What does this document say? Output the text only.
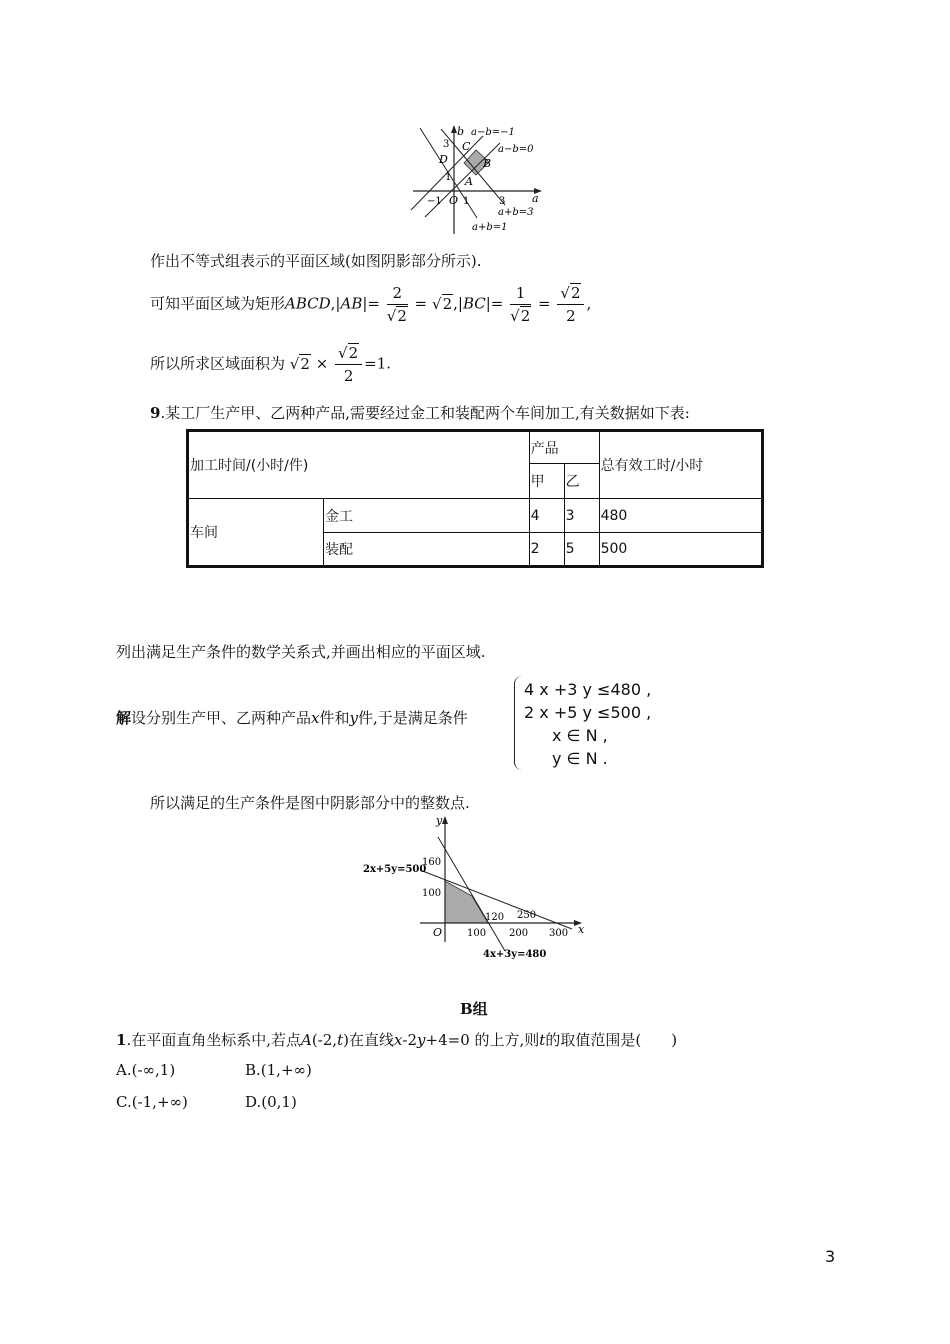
b
a
a−b=−1
a−b=0
a+b=3
a+b=1
C
D	B
A
O
3
1
−1 1	3
作出不等式组表示的平面区域(如图阴影部分所示).
可知平面区域为矩形ABCD,|AB|= $\frac{2}{√2} = √2,|BC|= \frac{1}{√2} = \frac{√2}{2}$ ,
所以所求区域面积为 $√2 \times \frac{√2}{2} =1$.
9.某工厂生产甲、乙两种产品,需要经过金工和装配两个车间加工,有关数据如下表:
加工时间/(小时/件)		产品		总有效工时/小时
		甲	乙	
车间	金工	4	3	480
	装配	2	5	500
列出满足生产条件的数学关系式,并画出相应的平面区域.
解设分别生产甲、乙两种产品x件和y件,于是满足条件
4 x +3 y ≤480 ,
2 x +5 y ≤500 ,
x ∈ N ,
y ∈ N .
所以满足的生产条件是图中阴影部分中的整数点.
y
x
O
2x+5y=500
4x+3y=480
160
100
250
120
100 200 300
B组
1.在平面直角坐标系中,若点A(-2,t)在直线x-2y+4=0 的上方,则t的取值范围是( )
A.(-∞,1)	B.(1,+∞)
C.(-1,+∞)	D.(0,1)
3
